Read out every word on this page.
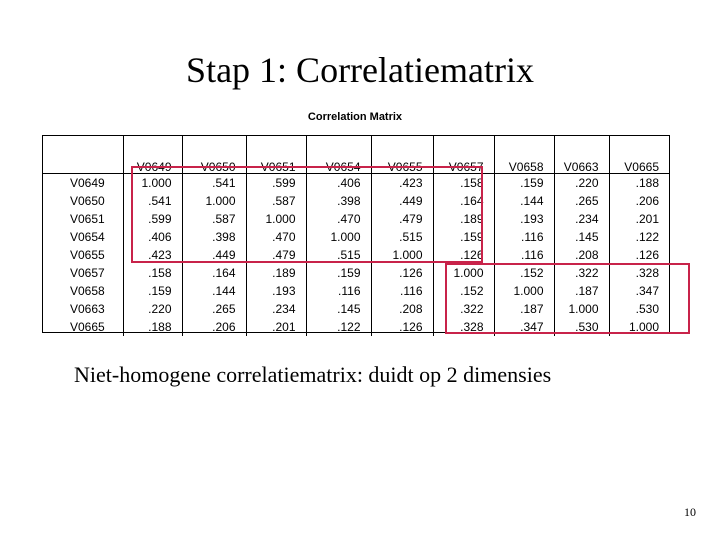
Stap 1: Correlatiematrix
Correlation Matrix

	V0649	V0650	V0651	V0654	V0655	V0657	V0658	V0663	V0665

V0649	1.000	.541	.599	.406	.423	.158	.159	.220	.188
V0650	.541	1.000	.587	.398	.449	.164	.144	.265	.206
V0651	.599	.587	1.000	.470	.479	.189	.193	.234	.201
V0654	.406	.398	.470	1.000	.515	.159	.116	.145	.122
V0655	.423	.449	.479	.515	1.000	.126	.116	.208	.126
V0657	.158	.164	.189	.159	.126	1.000	.152	.322	.328
V0658	.159	.144	.193	.116	.116	.152	1.000	.187	.347
V0663	.220	.265	.234	.145	.208	.322	.187	1.000	.530
V0665	.188	.206	.201	.122	.126	.328	.347	.530	1.000
Niet-homogene correlatiematrix: duidt op 2 dimensies
10
